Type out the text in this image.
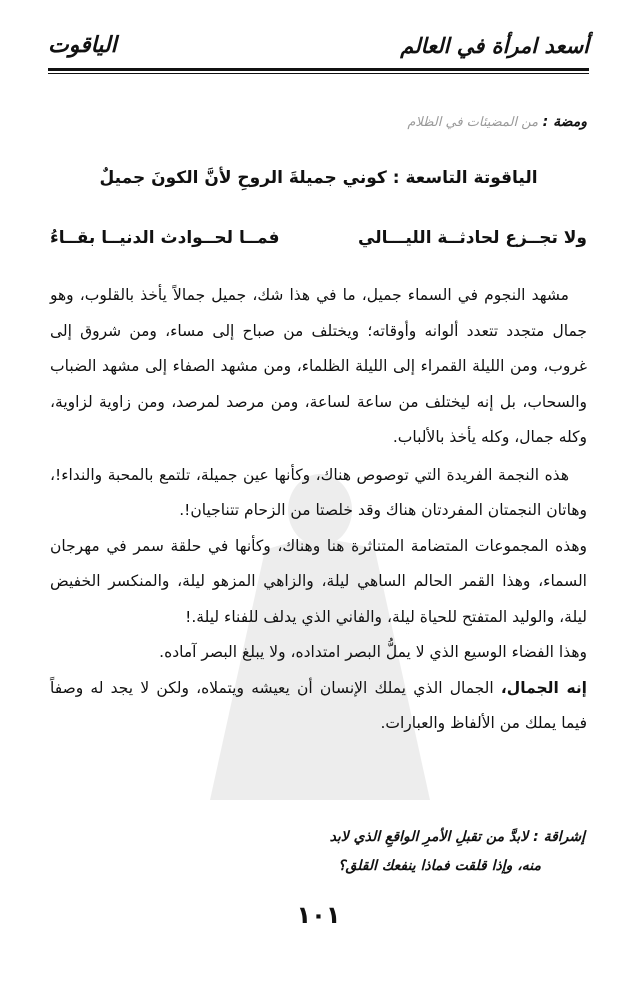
أسعد امرأة في العالم
الياقوت
ومضة : من المضيئات في الظلام
الياقوتة التاسعة : كوني جميلةَ الروحِ لأنَّ الكونَ جميلٌ
ولا تجــزع لحادثــة الليـــالي
فمــا لحــوادث الدنيــا بقــاءُ

مشهد النجوم في السماء جميل، ما في هذا شك، جميل جمالاً يأخذ بالقلوب، وهو جمال متجدد تتعدد ألوانه وأوقاته؛ ويختلف من صباح إلى مساء، ومن شروق إلى غروب، ومن الليلة القمراء إلى الليلة الظلماء، ومن مشهد الصفاء إلى مشهد الضباب والسحاب، بل إنه ليختلف من ساعة لساعة، ومن مرصد لمرصد، ومن زاوية لزاوية، وكله جمال، وكله يأخذ بالألباب.

هذه النجمة الفريدة التي توصوص هناك، وكأنها عين جميلة، تلتمع بالمحبة والنداء!، وهاتان النجمتان المفردتان هناك وقد خلصتا من الزحام تتناجيان!.

وهذه المجموعات المتضامة المتناثرة هنا وهناك، وكأنها في حلقة سمر في مهرجان السماء، وهذا القمر الحالم الساهي ليلة، والزاهي المزهو ليلة، والمنكسر الخفيض ليلة، والوليد المتفتح للحياة ليلة، والفاني الذي يدلف للفناء ليلة.!

وهذا الفضاء الوسيع الذي لا يملُّ البصر امتداده، ولا يبلغ البصر آماده.

إنه الجمال، الجمال الذي يملك الإنسان أن يعيشه ويتملاه، ولكن لا يجد له وصفاً فيما يملك من الألفاظ والعبارات.

إشراقة : لابدَّ من تقبلِ الأمرِ الواقعِ الذي لابد
منه، وإذا قلقت فماذا ينفعك القلق؟
١٠١
